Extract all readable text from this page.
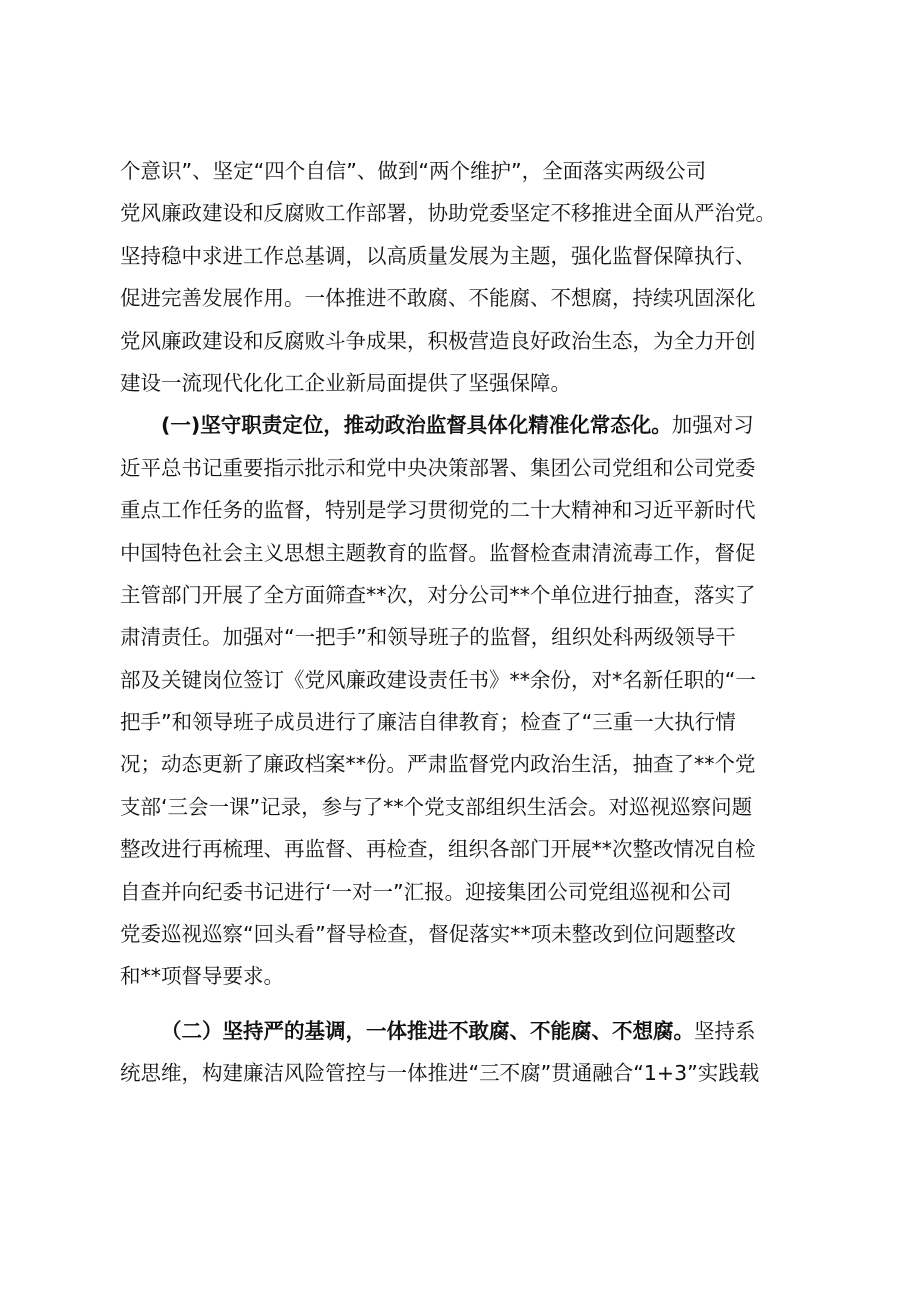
个意识”、坚定“四个自信”、做到“两个维护”，全面落实两级公司
党风廉政建设和反腐败工作部署，协助党委坚定不移推进全面从严治党。
坚持稳中求进工作总基调，以高质量发展为主题，强化监督保障执行、
促进完善发展作用。一体推进不敢腐、不能腐、不想腐，持续巩固深化
党风廉政建设和反腐败斗争成果，积极营造良好政治生态，为全力开创
建设一流现代化化工企业新局面提供了坚强保障。

(一)坚守职责定位，推动政治监督具体化精准化常态化。加强对习
近平总书记重要指示批示和党中央决策部署、集团公司党组和公司党委
重点工作任务的监督，特别是学习贯彻党的二十大精神和习近平新时代
中国特色社会主义思想主题教育的监督。监督检查肃清流毒工作，督促
主管部门开展了全方面筛查**次，对分公司**个单位进行抽查，落实了
肃清责任。加强对“一把手”和领导班子的监督，组织处科两级领导干
部及关键岗位签订《党风廉政建设责任书》**余份，对*名新任职的“一
把手”和领导班子成员进行了廉洁自律教育；检查了“三重一大执行情
况；动态更新了廉政档案**份。严肃监督党内政治生活，抽查了**个党
支部‘三会一课”记录，参与了**个党支部组织生活会。对巡视巡察问题
整改进行再梳理、再监督、再检查，组织各部门开展**次整改情况自检
自查并向纪委书记进行‘一对一”汇报。迎接集团公司党组巡视和公司
党委巡视巡察“回头看”督导检查，督促落实**项未整改到位问题整改
和**项督导要求。

（二）坚持严的基调，一体推进不敢腐、不能腐、不想腐。坚持系
统思维，构建廉洁风险管控与一体推进“三不腐”贯通融合“1+3”实践载
